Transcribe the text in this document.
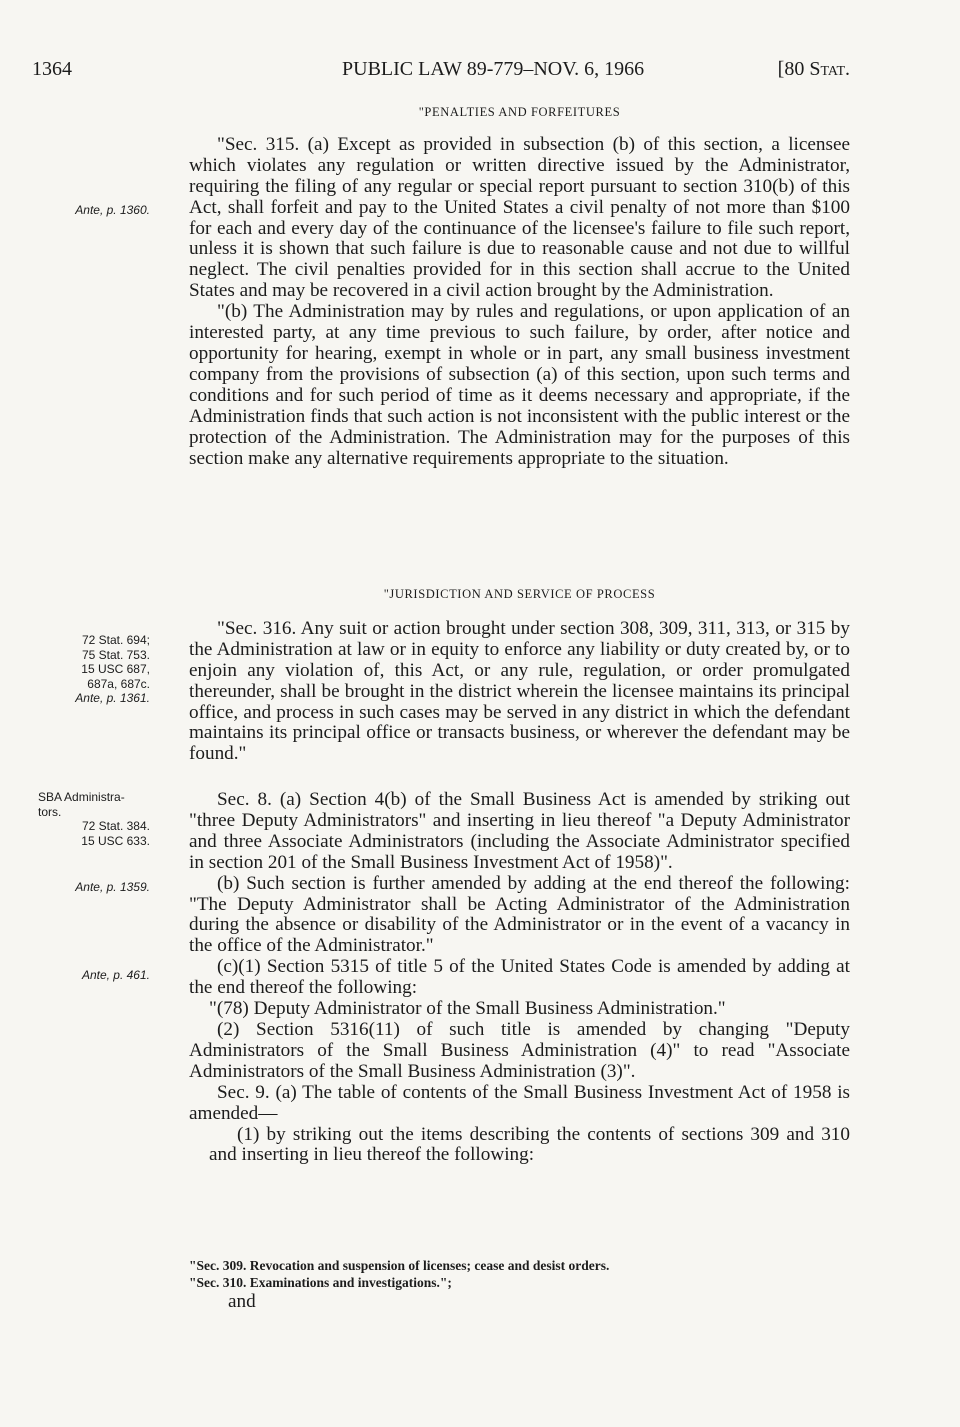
1364	PUBLIC LAW 89-779–NOV. 6, 1966	[80 Stat.
Ante, p. 1360.
72 Stat. 694;
75 Stat. 753.
15 USC 687,
687a, 687c.
Ante, p. 1361.
SBA Administra-
tors.
72 Stat. 384.
15 USC 633.
Ante, p. 1359.
Ante, p. 461.

"PENALTIES AND FORFEITURES

"Sec. 315. (a) Except as provided in subsection (b) of this section, a licensee which violates any regulation or written directive issued by the Administrator, requiring the filing of any regular or special report pursuant to section 310(b) of this Act, shall forfeit and pay to the United States a civil penalty of not more than $100 for each and every day of the continuance of the licensee's failure to file such report, unless it is shown that such failure is due to reasonable cause and not due to willful neglect. The civil penalties provided for in this section shall accrue to the United States and may be recovered in a civil action brought by the Administration.

"(b) The Administration may by rules and regulations, or upon application of an interested party, at any time previous to such failure, by order, after notice and opportunity for hearing, exempt in whole or in part, any small business investment company from the provisions of subsection (a) of this section, upon such terms and conditions and for such period of time as it deems necessary and appropriate, if the Administration finds that such action is not inconsistent with the public interest or the protection of the Administration. The Administration may for the purposes of this section make any alternative requirements appropriate to the situation.

"JURISDICTION AND SERVICE OF PROCESS

"Sec. 316. Any suit or action brought under section 308, 309, 311, 313, or 315 by the Administration at law or in equity to enforce any liability or duty created by, or to enjoin any violation of, this Act, or any rule, regulation, or order promulgated thereunder, shall be brought in the district wherein the licensee maintains its principal office, and process in such cases may be served in any district in which the defendant maintains its principal office or transacts business, or wherever the defendant may be found."

Sec. 8. (a) Section 4(b) of the Small Business Act is amended by striking out "three Deputy Administrators" and inserting in lieu thereof "a Deputy Administrator and three Associate Administrators (including the Associate Administrator specified in section 201 of the Small Business Investment Act of 1958)".

(b) Such section is further amended by adding at the end thereof the following: "The Deputy Administrator shall be Acting Administrator of the Administration during the absence or disability of the Administrator or in the event of a vacancy in the office of the Administrator."

(c)(1) Section 5315 of title 5 of the United States Code is amended by adding at the end thereof the following:

"(78) Deputy Administrator of the Small Business Administration."

(2) Section 5316(11) of such title is amended by changing "Deputy Administrators of the Small Business Administration (4)" to read "Associate Administrators of the Small Business Administration (3)".

Sec. 9. (a) The table of contents of the Small Business Investment Act of 1958 is amended—

(1) by striking out the items describing the contents of sections 309 and 310 and inserting in lieu thereof the following:

"Sec. 309. Revocation and suspension of licenses; cease and desist orders.
"Sec. 310. Examinations and investigations.";
and
